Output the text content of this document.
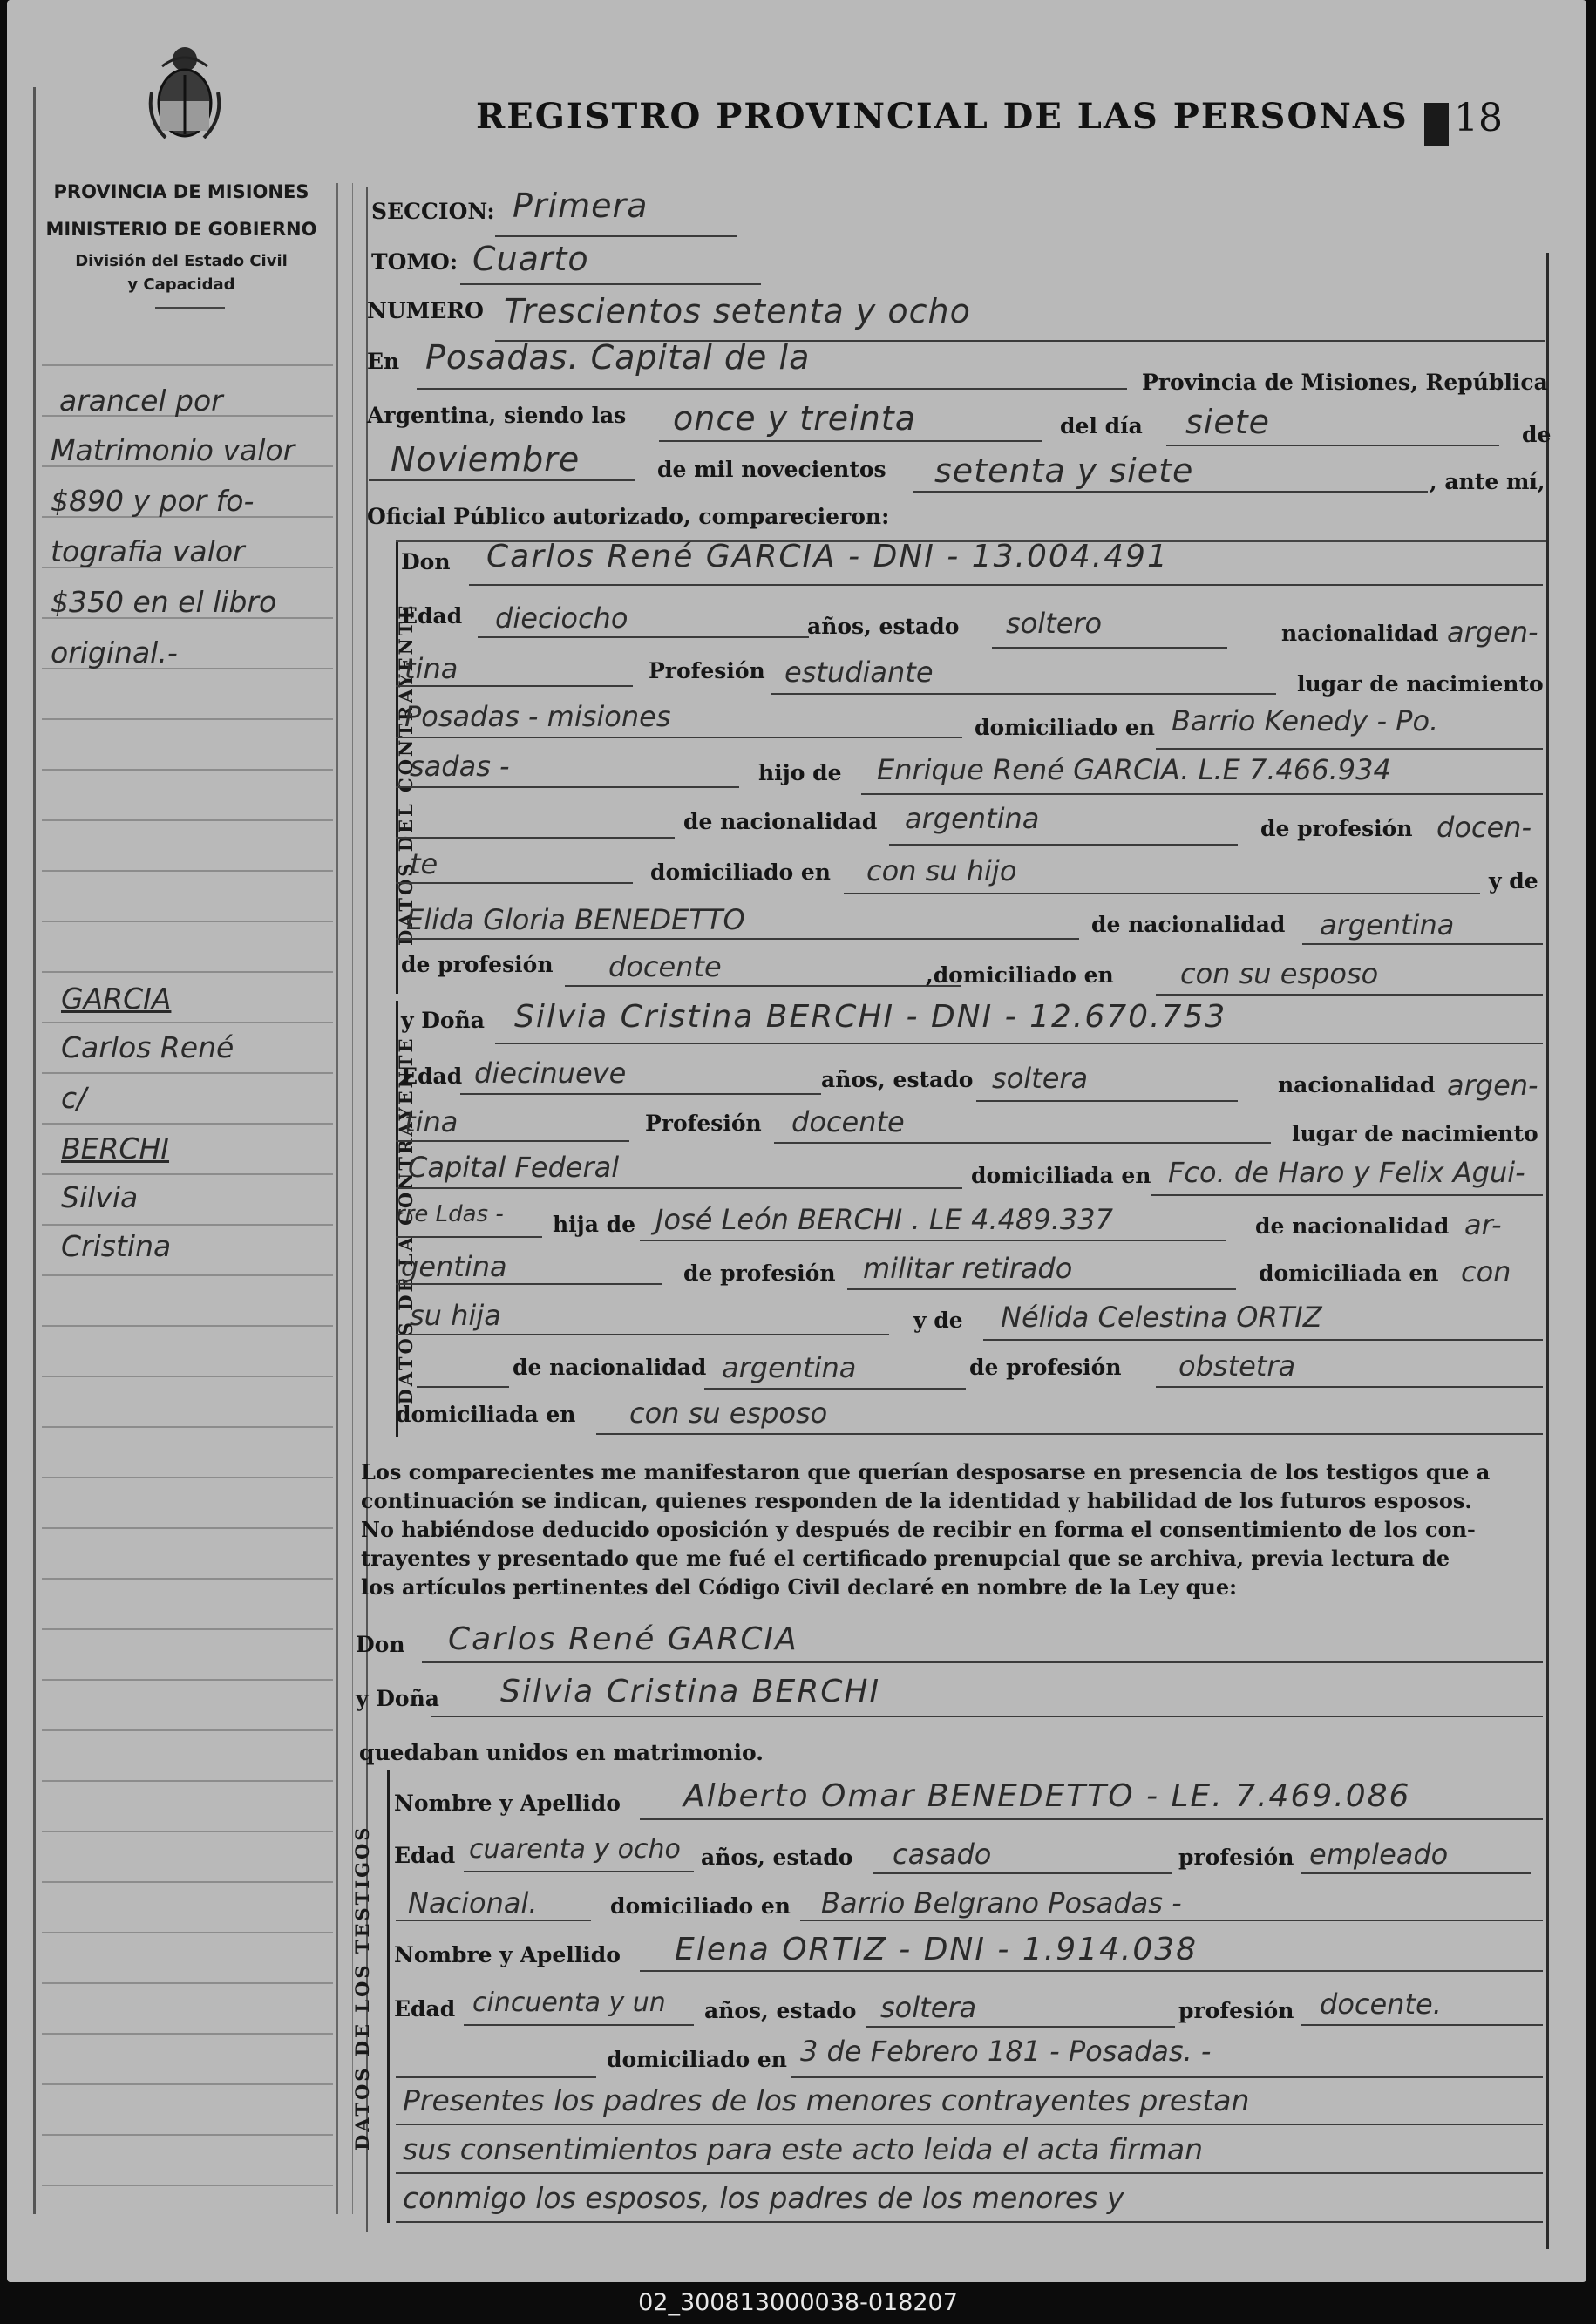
PROVINCIA DE MISIONES
MINISTERIO DE GOBIERNO
División del Estado Civil
y Capacidad
REGISTRO PROVINCIAL DE LAS PERSONAS 18
arancel por
Matrimonio valor
$890 y por fo-
tografia valor
$350 en el libro
original.-
GARCIA
Carlos René
c/
BERCHI
Silvia
Cristina
SECCION: Primera
TOMO: Cuarto
NUMERO Trescientos setenta y ocho
En Posadas. Capital de la
Provincia de Misiones, República
Argentina, siendo las once y treinta	del día siete	de
Noviembre	de mil novecientos setenta y siete	, ante mí,
Oficial Público autorizado, comparecieron:
DATOS DEL CONTRAYENTE
Don Carlos René GARCIA - DNI - 13.004.491
Edad dieciocho	años, estado soltero	nacionalidad argen-
tina	Profesión estudiante	lugar de nacimiento
Posadas - misiones	domiciliado en Barrio Kenedy - Po.
sadas -	hijo de Enrique René GARCIA. L.E 7.466.934
de nacionalidad argentina	de profesión docen-
te	domiciliado en con su hijo	y de
Elida Gloria BENEDETTO	de nacionalidad argentina
de profesión docente	,domiciliado en con su esposo
DATOS DE LA CONTRAYENTE
y Doña Silvia Cristina BERCHI - DNI - 12.670.753
Edad diecinueve	años, estado soltera	nacionalidad argen-
tina	Profesión docente	lugar de nacimiento
Capital Federal	domiciliada en Fco. de Haro y Felix Agui-
rre Ldas - hija de José León BERCHI . LE 4.489.337	de nacionalidad ar-
gentina	de profesión militar retirado	domiciliada en con
su hija	y de Nélida Celestina ORTIZ
de nacionalidad argentina	de profesión obstetra
domiciliada en con su esposo
Los comparecientes me manifestaron que querían desposarse en presencia de los testigos que a
continuación se indican, quienes responden de la identidad y habilidad de los futuros esposos.
No habiéndose deducido oposición y después de recibir en forma el consentimiento de los con-
trayentes y presentado que me fué el certificado prenupcial que se archiva, previa lectura de
los artículos pertinentes del Código Civil declaré en nombre de la Ley que:
Don Carlos René GARCIA
y Doña Silvia Cristina BERCHI
quedaban unidos en matrimonio.
DATOS DE LOS TESTIGOS
Nombre y Apellido Alberto Omar BENEDETTO - LE. 7.469.086
Edad cuarenta y ocho años, estado casado	profesión empleado
Nacional.	domiciliado en Barrio Belgrano Posadas -
Nombre y Apellido Elena ORTIZ - DNI - 1.914.038
Edad cincuenta y un años, estado soltera	profesión docente.
domiciliado en 3 de Febrero 181 - Posadas. -
Presentes los padres de los menores contrayentes prestan
sus consentimientos para este acto leida el acta firman
conmigo los esposos, los padres de los menores y
02_300813000038-018207
